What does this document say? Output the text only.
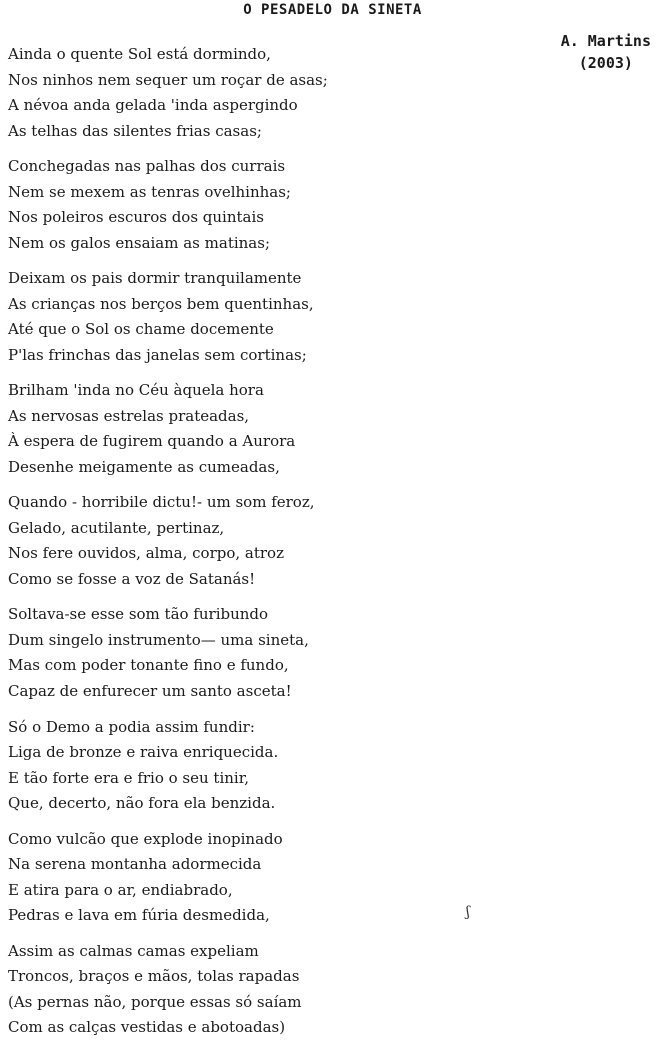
O PESADELO DA SINETA
A. Martins
(2003)
Ainda o quente Sol está dormindo,
Nos ninhos nem sequer um roçar de asas;
A névoa anda gelada 'inda aspergindo
As telhas das silentes frias casas;
Conchegadas nas palhas dos currais
Nem se mexem as tenras ovelhinhas;
Nos poleiros escuros dos quintais
Nem os galos ensaiam as matinas;
Deixam os pais dormir tranquilamente
As crianças nos berços bem quentinhas,
Até que o Sol os chame docemente
P'las frinchas das janelas sem cortinas;
Brilham 'inda no Céu àquela hora
As nervosas estrelas prateadas,
À espera de fugirem quando a Aurora
Desenhe meigamente as cumeadas,
Quando - horribile dictu!- um som feroz,
Gelado, acutilante, pertinaz,
Nos fere ouvidos, alma, corpo, atroz
Como se fosse a voz de Satanás!
Soltava-se esse som tão furibundo
Dum singelo instrumento— uma sineta,
Mas com poder tonante fino e fundo,
Capaz de enfurecer um santo asceta!
Só o Demo a podia assim fundir:
Liga de bronze e raiva enriquecida.
E tão forte era e frio o seu tinir,
Que, decerto, não fora ela benzida.
Como vulcão que explode inopinado
Na serena montanha adormecida
E atira para o ar, endiabrado,
Pedras e lava em fúria desmedida,
Assim as calmas camas expeliam
Troncos, braços e mãos, tolas rapadas
(As pernas não, porque essas só saíam
Com as calças vestidas e abotoadas)
ʃ
